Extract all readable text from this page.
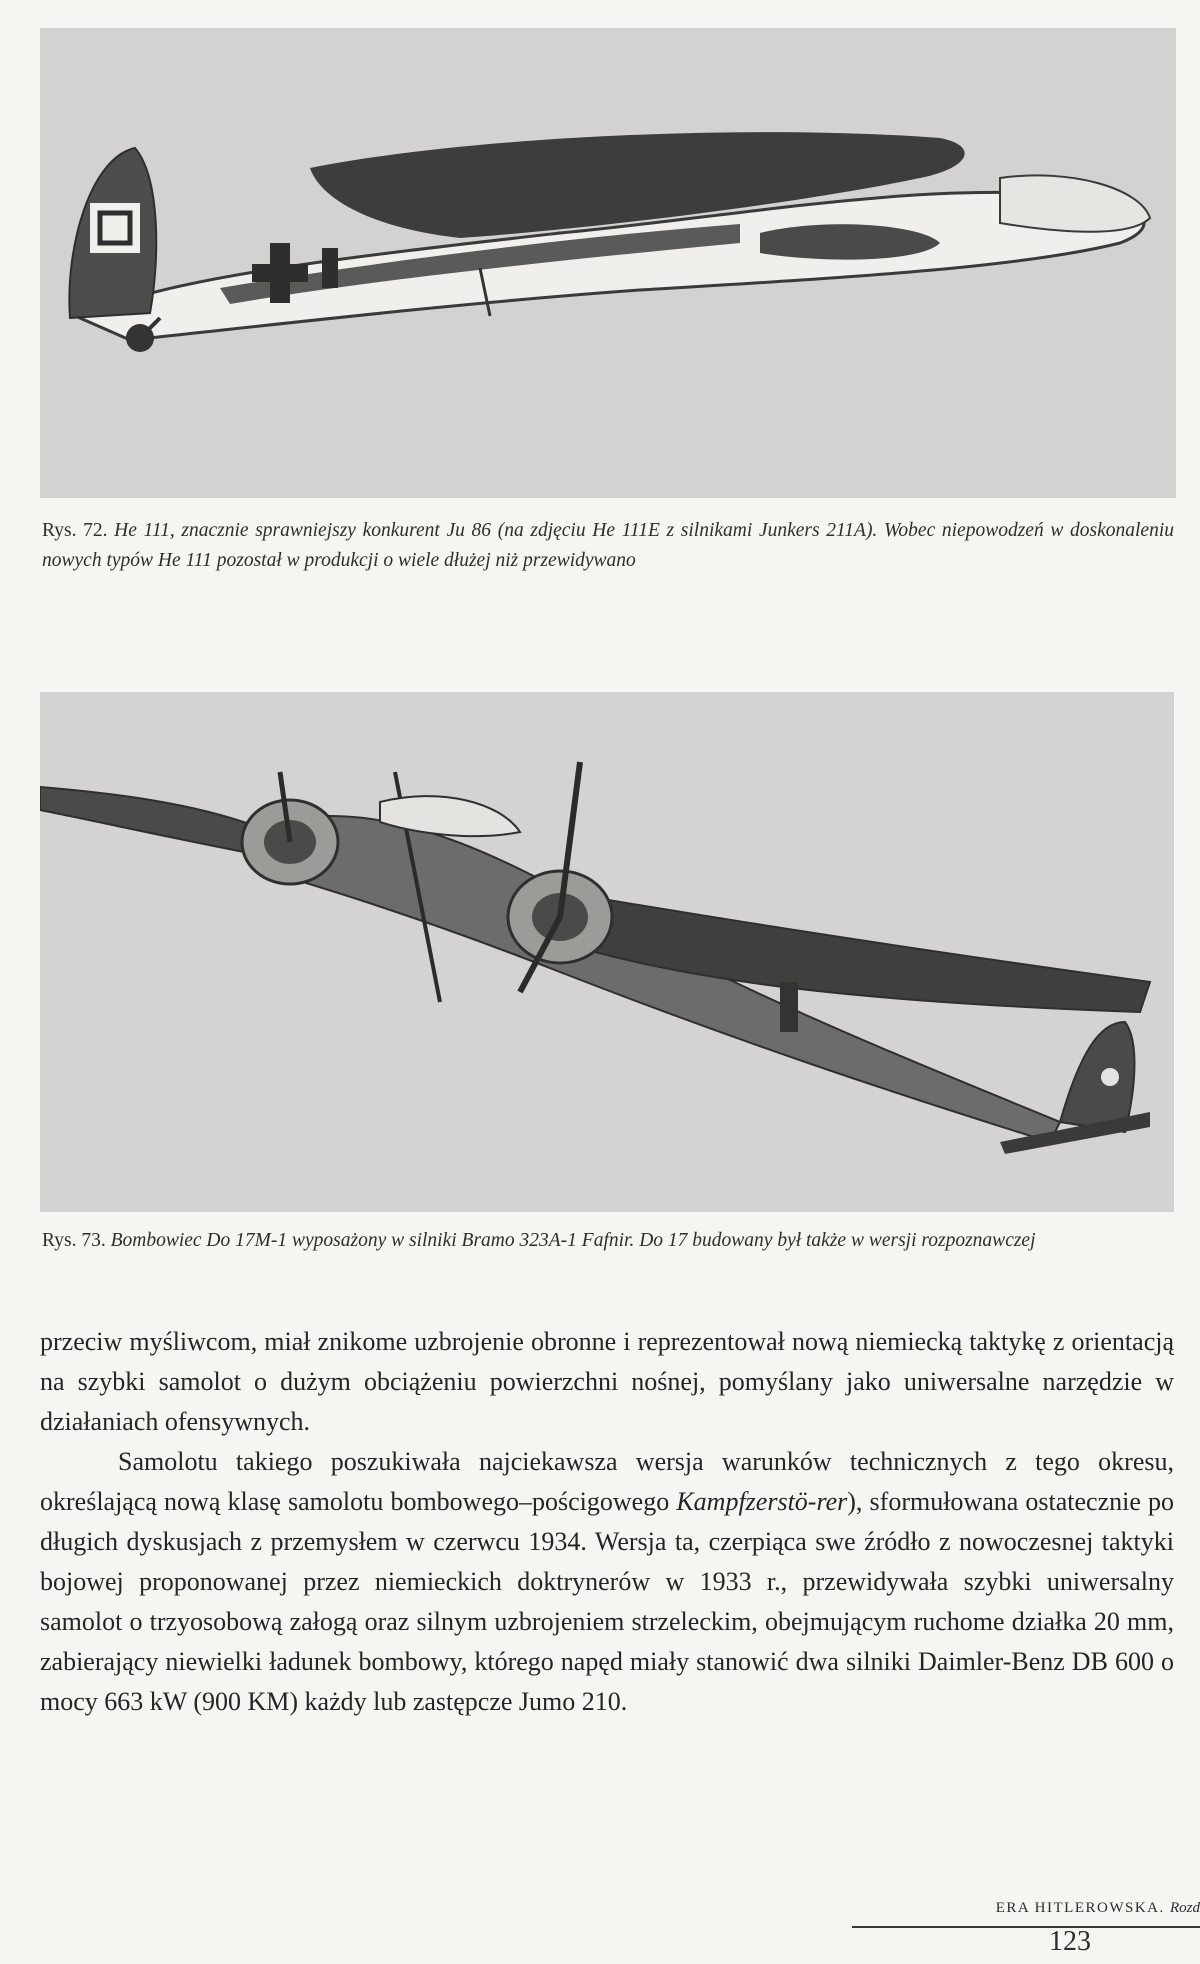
Rys. 72. He 111, znacznie sprawniejszy konkurent Ju 86 (na zdjęciu He 111E z silnikami Junkers 211A). Wobec niepowodzeń w doskonaleniu nowych typów He 111 pozostał w produkcji o wiele dłużej niż przewidywano
Rys. 73. Bombowiec Do 17M-1 wyposażony w silniki Bramo 323A-1 Fafnir. Do 17 budowany był także w wersji rozpoznawczej

przeciw myśliwcom, miał znikome uzbrojenie obronne i reprezentował nową niemiecką taktykę z orientacją na szybki samolot o dużym obciążeniu powierzchni nośnej, pomyślany jako uniwersalne narzędzie w działaniach ofensywnych.

Samolotu takiego poszukiwała najciekawsza wersja warunków technicznych z tego okresu, określającą nową klasę samolotu bombowego–pościgowego Kampfzerstö-rer), sformułowana ostatecznie po długich dyskusjach z przemysłem w czerwcu 1934. Wersja ta, czerpiąca swe źródło z nowoczesnej taktyki bojowej proponowanej przez niemieckich doktrynerów w 1933 r., przewidywała szybki uniwersalny samolot o trzyosobową załogą oraz silnym uzbrojeniem strzeleckim, obejmującym ruchome działka 20 mm, zabierający niewielki ładunek bombowy, którego napęd miały stanowić dwa silniki Daimler-Benz DB 600 o mocy 663 kW (900 KM) każdy lub zastępcze Jumo 210.

ERA HITLEROWSKA. Rozd
123
